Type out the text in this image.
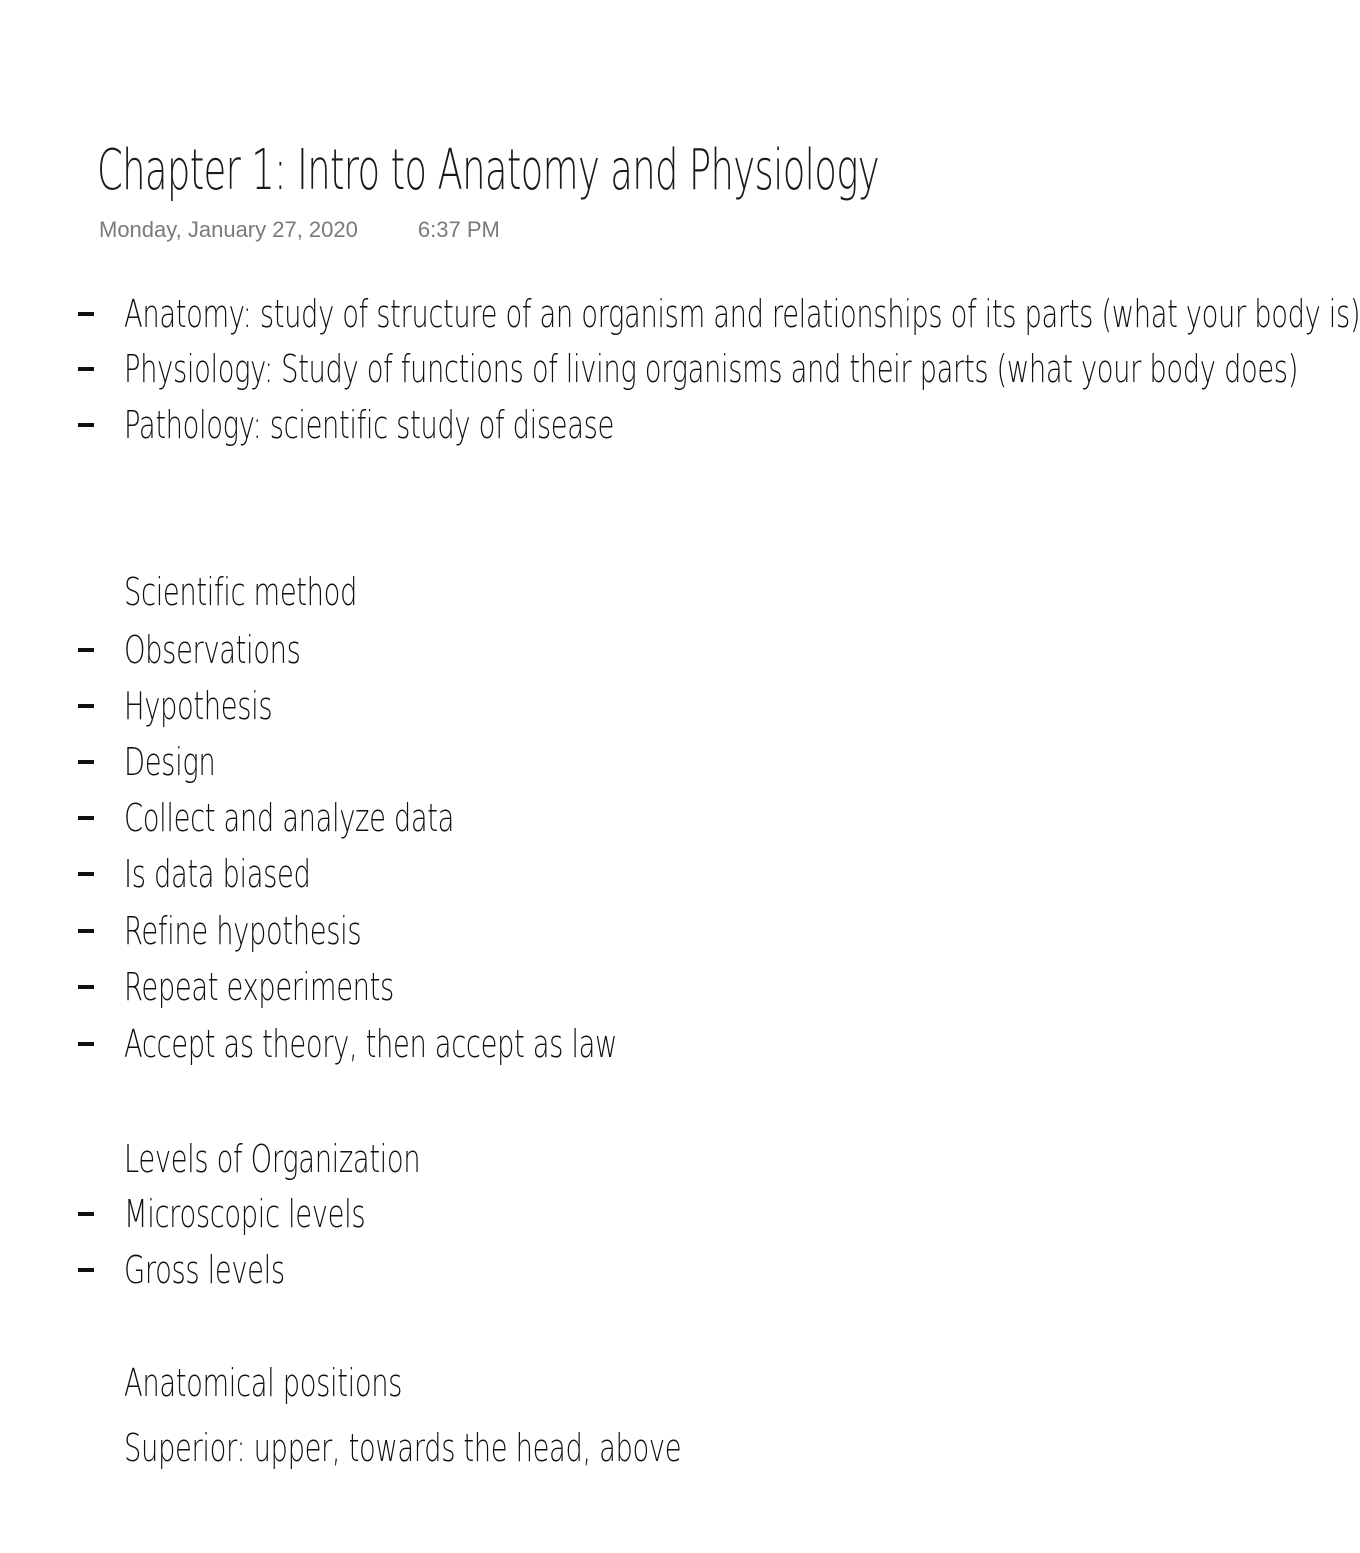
Chapter 1: Intro to Anatomy and Physiology
Monday, January 27, 2020	6:37 PM
Anatomy: study of structure of an organism and relationships of its parts (what your body is)
Physiology: Study of functions of living organisms and their parts (what your body does)
Pathology: scientific study of disease
Scientific method
Observations
Hypothesis
Design
Collect and analyze data
Is data biased
Refine hypothesis
Repeat experiments
Accept as theory, then accept as law
Levels of Organization
Microscopic levels
Gross levels
Anatomical positions
Superior: upper, towards the head, above
